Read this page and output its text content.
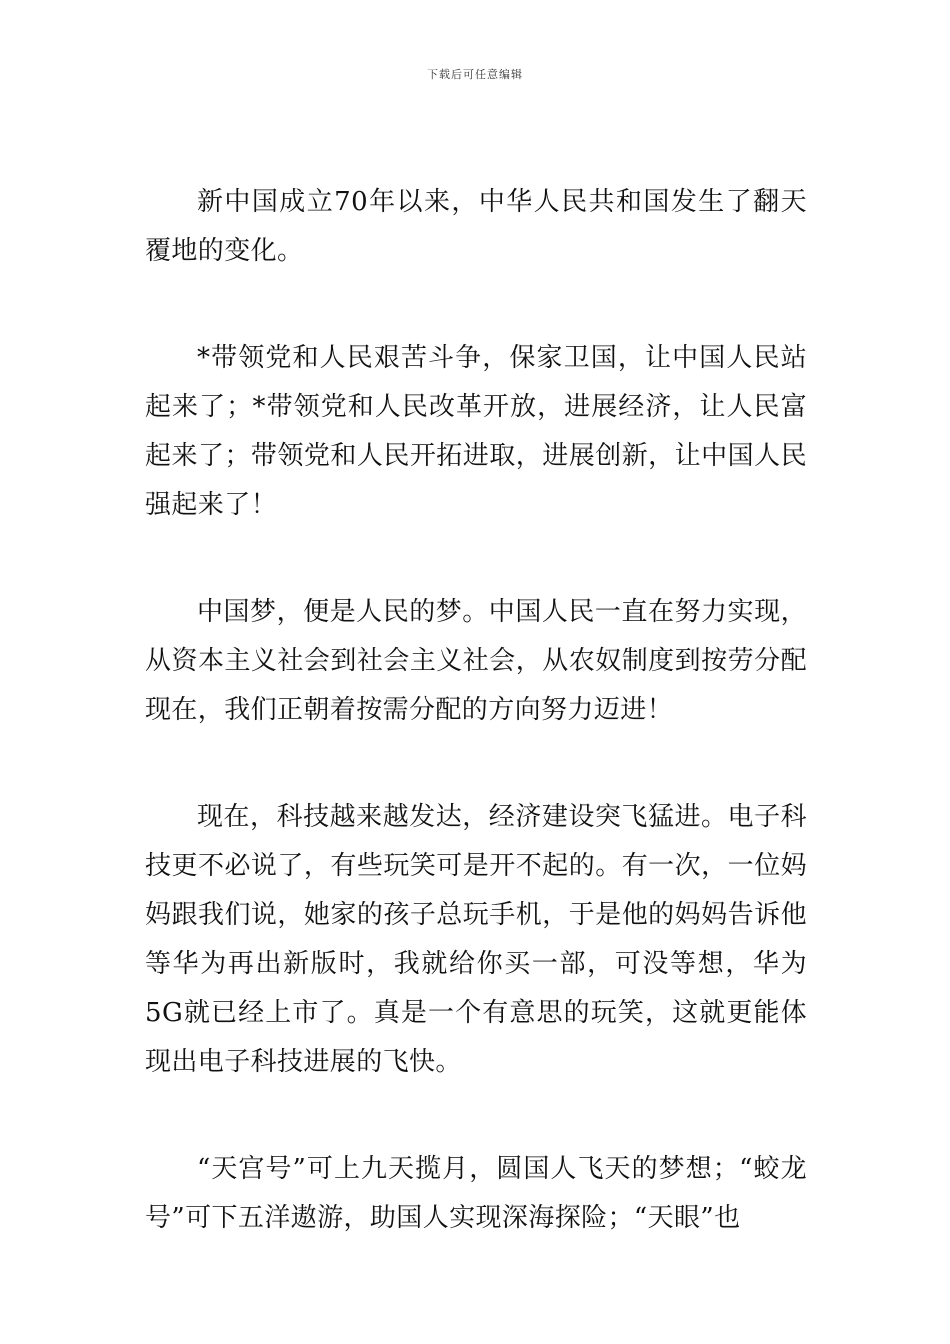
下载后可任意编辑

新中国成立70年以来，中华人民共和国发生了翻天覆地的变化。

*带领党和人民艰苦斗争，保家卫国，让中国人民站起来了；*带领党和人民改革开放，进展经济，让人民富起来了；带领党和人民开拓进取，进展创新，让中国人民强起来了！

中国梦，便是人民的梦。中国人民一直在努力实现，从资本主义社会到社会主义社会，从农奴制度到按劳分配现在，我们正朝着按需分配的方向努力迈进！

现在，科技越来越发达，经济建设突飞猛进。电子科技更不必说了，有些玩笑可是开不起的。有一次，一位妈妈跟我们说，她家的孩子总玩手机，于是他的妈妈告诉他等华为再出新版时，我就给你买一部，可没等想，华为5G就已经上市了。真是一个有意思的玩笑，这就更能体现出电子科技进展的飞快。

“天宫号”可上九天揽月，圆国人飞天的梦想；“蛟龙号”可下五洋遨游，助国人实现深海探险；“天眼”也
